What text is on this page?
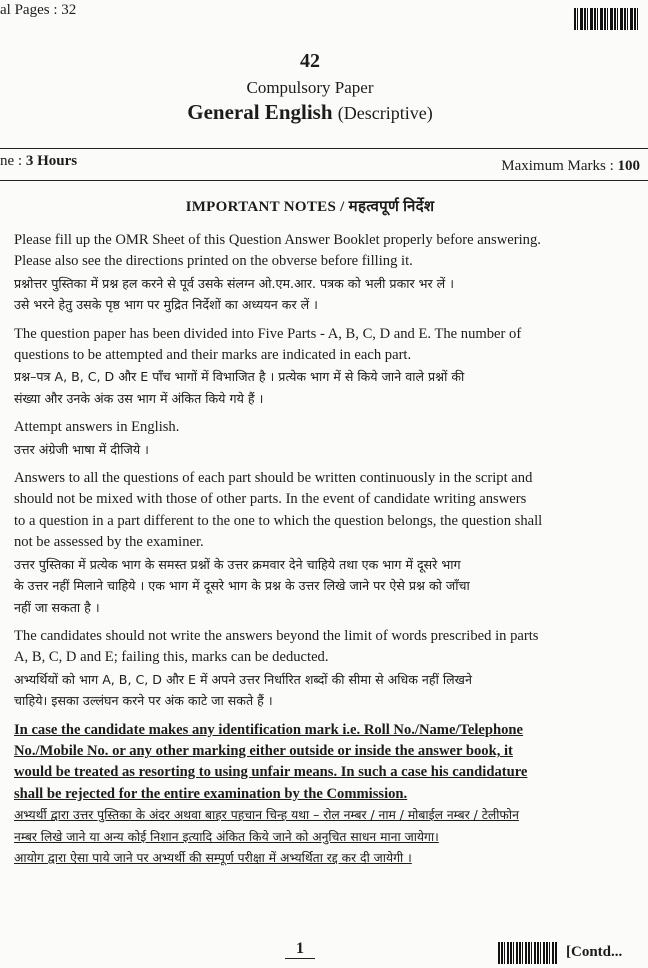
al Pages : 32
42
Compulsory Paper
General English (Descriptive)
ne : 3 Hours	Maximum Marks : 100
IMPORTANT NOTES / महत्वपूर्ण निर्देश
Please fill up the OMR Sheet of this Question Answer Booklet properly before answering.
Please also see the directions printed on the obverse before filling it.
प्रश्नोत्तर पुस्तिका में प्रश्न हल करने से पूर्व उसके संलग्न ओ.एम.आर. पत्रक को भली प्रकार भर लें ।
उसे भरने हेतु उसके पृष्ठ भाग पर मुद्रित निर्देशों का अध्ययन कर लें ।
The question paper has been divided into Five Parts - A, B, C, D and E. The number of
questions to be attempted and their marks are indicated in each part.
प्रश्न–पत्र A, B, C, D और E पाँच भागों में विभाजित है । प्रत्येक भाग में से किये जाने वाले प्रश्नों की
संख्या और उनके अंक उस भाग में अंकित किये गये हैं ।
Attempt answers in English.
उत्तर अंग्रेजी भाषा में दीजिये ।
Answers to all the questions of each part should be written continuously in the script and
should not be mixed with those of other parts. In the event of candidate writing answers
to a question in a part different to the one to which the question belongs, the question shall
not be assessed by the examiner.
उत्तर पुस्तिका में प्रत्येक भाग के समस्त प्रश्नों के उत्तर क्रमवार देने चाहिये तथा एक भाग में दूसरे भाग
के उत्तर नहीं मिलाने चाहिये । एक भाग में दूसरे भाग के प्रश्न के उत्तर लिखे जाने पर ऐसे प्रश्न को जाँचा
नहीं जा सकता है ।
The candidates should not write the answers beyond the limit of words prescribed in parts
A, B, C, D and E; failing this, marks can be deducted.
अभ्यर्थियों को भाग A, B, C, D और E में अपने उत्तर निर्धारित शब्दों की सीमा से अधिक नहीं लिखने
चाहिये। इसका उल्लंघन करने पर अंक काटे जा सकते हैं ।
In case the candidate makes any identification mark i.e. Roll No./Name/Telephone
No./Mobile No. or any other marking either outside or inside the answer book, it
would be treated as resorting to using unfair means. In such a case his candidature
shall be rejected for the entire examination by the Commission.
अभ्यर्थी द्वारा उत्तर पुस्तिका के अंदर अथवा बाहर पहचान चिन्ह यथा – रोल नम्बर / नाम / मोबाईल नम्बर / टेलीफोन
नम्बर लिखे जाने या अन्य कोई निशान इत्यादि अंकित किये जाने को अनुचित साधन माना जायेगा।
आयोग द्वारा ऐसा पाये जाने पर अभ्यर्थी की सम्पूर्ण परीक्षा में अभ्यर्थिता रद्द कर दी जायेगी ।
1	[Contd...
